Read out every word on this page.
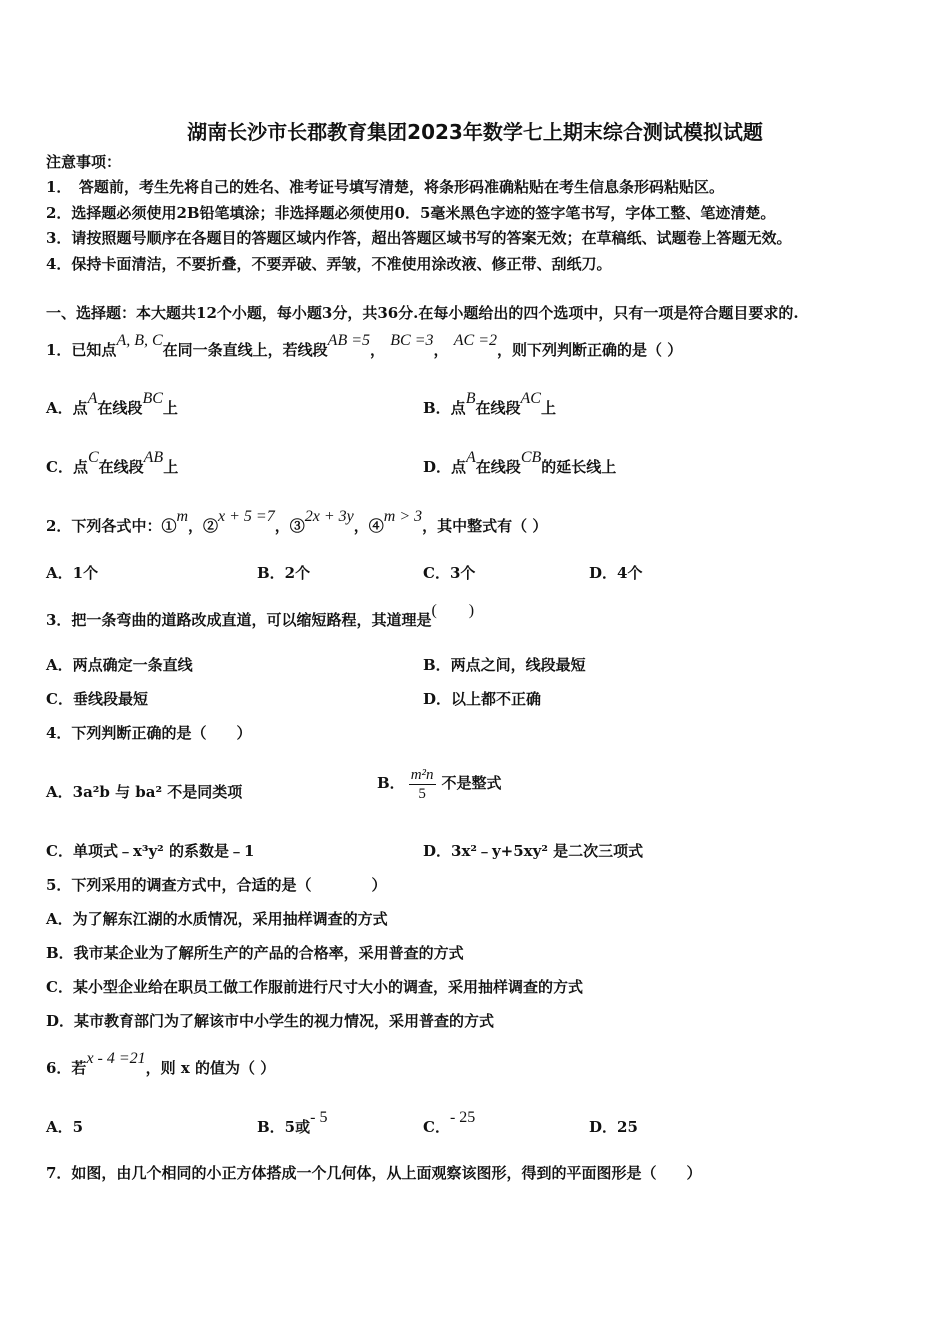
湖南长沙市长郡教育集团2023年数学七上期末综合测试模拟试题
注意事项：
1．　答题前，考生先将自己的姓名、准考证号填写清楚，将条形码准确粘贴在考生信息条形码粘贴区。
2．选择题必须使用2B铅笔填涂；非选择题必须使用0．5毫米黑色字迹的签字笔书写，字体工整、笔迹清楚。
3．请按照题号顺序在各题目的答题区域内作答，超出答题区域书写的答案无效；在草稿纸、试题卷上答题无效。
4．保持卡面清洁，不要折叠，不要弄破、弄皱，不准使用涂改液、修正带、刮纸刀。
一、选择题：本大题共12个小题，每小题3分，共36分.在每小题给出的四个选项中，只有一项是符合题目要求的.
1．已知点A, B, C在同一条直线上，若线段AB =5， BC =3， AC =2，则下列判断正确的是（ ）
A．点A在线段BC上	B．点B在线段AC上
C．点C在线段AB上	D．点A在线段CB的延长线上
2．下列各式中：①m，②x + 5 =7，③2x + 3y，④m > 3，其中整式有（ ）
A．1个	B．2个	C．3个	D．4个
3．把一条弯曲的道路改成直道，可以缩短路程，其道理是(　　)
A．两点确定一条直线	B．两点之间，线段最短
C．垂线段最短	D．以上都不正确
4．下列判断正确的是（　　）
A．3a²b 与 ba² 不是同类项	B． $\frac{\text{m²n}}{5}$ 不是整式
C．单项式﹣x³y² 的系数是﹣1	D．3x²﹣y+5xy² 是二次三项式
5．下列采用的调查方式中，合适的是（　　　　）
A．为了解东江湖的水质情况，采用抽样调查的方式
B．我市某企业为了解所生产的产品的合格率，采用普查的方式
C．某小型企业给在职员工做工作服前进行尺寸大小的调查，采用抽样调查的方式
D．某市教育部门为了解该市中小学生的视力情况，采用普查的方式
6．若x - 4 =21，则 x 的值为（ ）
A．5	B．5或- 5
C．- 25
D．25
7．如图，由几个相同的小正方体搭成一个几何体，从上面观察该图形，得到的平面图形是（　　）
